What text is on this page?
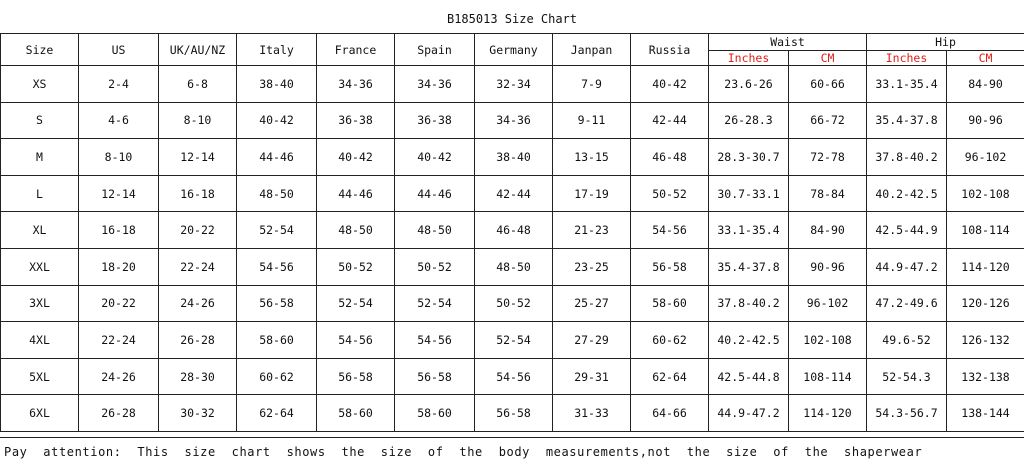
B185013 Size Chart
Size	US	UK/AU/NZ	Italy	France	Spain	Germany	Janpan	Russia	Waist		Hip	
									Inches	CM	Inches	CM
XS	2-4	6-8	38-40	34-36	34-36	32-34	7-9	40-42	23.6-26	60-66	33.1-35.4	84-90
S	4-6	8-10	40-42	36-38	36-38	34-36	9-11	42-44	26-28.3	66-72	35.4-37.8	90-96
M	8-10	12-14	44-46	40-42	40-42	38-40	13-15	46-48	28.3-30.7	72-78	37.8-40.2	96-102
L	12-14	16-18	48-50	44-46	44-46	42-44	17-19	50-52	30.7-33.1	78-84	40.2-42.5	102-108
XL	16-18	20-22	52-54	48-50	48-50	46-48	21-23	54-56	33.1-35.4	84-90	42.5-44.9	108-114
XXL	18-20	22-24	54-56	50-52	50-52	48-50	23-25	56-58	35.4-37.8	90-96	44.9-47.2	114-120
3XL	20-22	24-26	56-58	52-54	52-54	50-52	25-27	58-60	37.8-40.2	96-102	47.2-49.6	120-126
4XL	22-24	26-28	58-60	54-56	54-56	52-54	27-29	60-62	40.2-42.5	102-108	49.6-52	126-132
5XL	24-26	28-30	60-62	56-58	56-58	54-56	29-31	62-64	42.5-44.8	108-114	52-54.3	132-138
6XL	26-28	30-32	62-64	58-60	58-60	56-58	31-33	64-66	44.9-47.2	114-120	54.3-56.7	138-144
Pay attention: This size chart shows the size of the body measurements,not the size of the shaperwear
